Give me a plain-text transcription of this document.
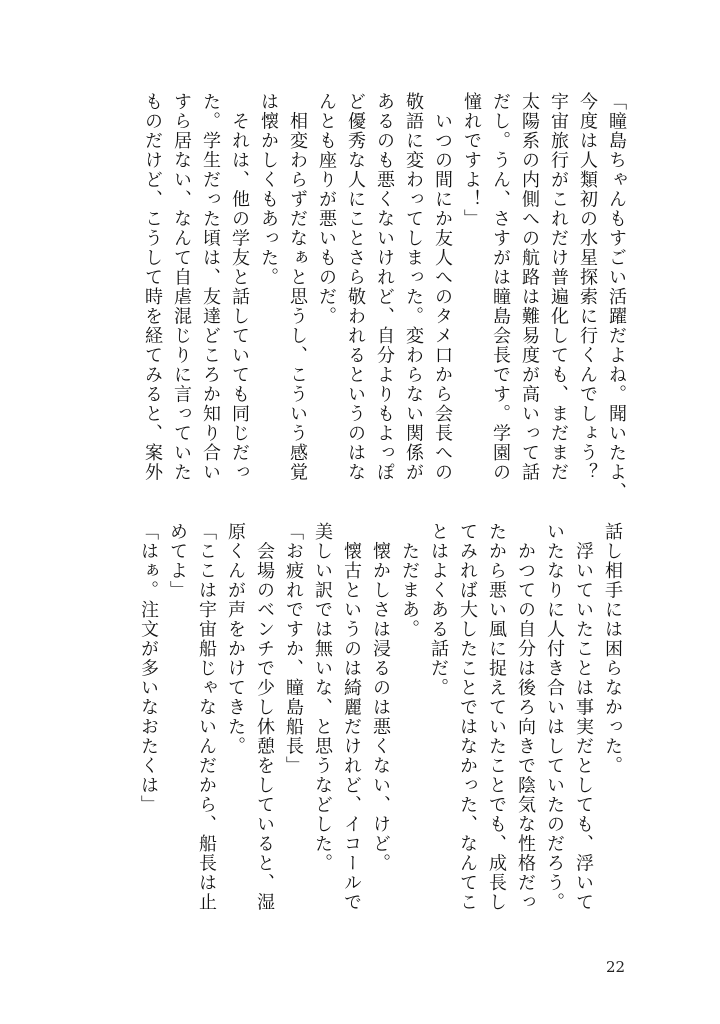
「瞳島ちゃんもすごい活躍だよね。聞いたよ、
今度は人類初の水星探索に行くんでしょう？
宇宙旅行がこれだけ普遍化しても、まだまだ
太陽系の内側への航路は難易度が高いって話
だし。うん、さすがは瞳島会長です。学園の
憧れですよ！」
　いつの間にか友人へのタメ口から会長への
敬語に変わってしまった。変わらない関係が
あるのも悪くないけれど、自分よりもよっぽ
ど優秀な人にことさら敬われるというのはな
んとも座りが悪いものだ。
　相変わらずだなぁと思うし、こういう感覚
は懐かしくもあった。
　それは、他の学友と話していても同じだっ
た。学生だった頃は、友達どころか知り合い
すら居ない、なんて自虐混じりに言っていた
ものだけど、こうして時を経てみると、案外
話し相手には困らなかった。
　浮いていたことは事実だとしても、浮いて
いたなりに人付き合いはしていたのだろう。
　かつての自分は後ろ向きで陰気な性格だっ
たから悪い風に捉えていたことでも、成長し
てみれば大したことではなかった、なんてこ
とはよくある話だ。
　ただまあ。
　懐かしさは浸るのは悪くない、けど。
　懐古というのは綺麗だけれど、イコールで
美しい訳では無いな、と思うなどした。
「お疲れですか、瞳島船長」
　会場のベンチで少し休憩をしていると、湿
原くんが声をかけてきた。
「ここは宇宙船じゃないんだから、船長は止
めてよ」
「はぁ。注文が多いなおたくは」
22
